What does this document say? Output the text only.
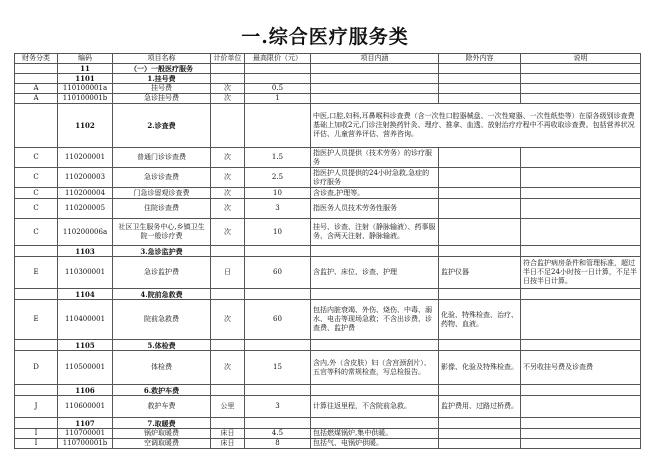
一.综合医疗服务类
财务分类	编码	项目名称	计价单位	最高限价（元）	项目内涵	除外内容	说明
	11	（一）一般医疗服务					
	1101	1.挂号费					
A	110100001a	挂号费	次	0.5			
A	110100001b	急诊挂号费	次	1			
	1102	2.诊查费			中医,口腔,妇科,耳鼻喉科诊查费（含一次性口腔器械盘、一次性窥器、一次性纸垫等）在原各级别诊查费基础上加收2元,门诊注射换药针灸、理疗、推拿、血透、放射治疗疗程中不再收取诊查费。包括营养状况评估、儿童营养评估、营养咨询。		
C	110200001	普通门诊诊查费	次	1.5	指医护人员提供（技术劳务）的诊疗服务		
C	110200003	急诊诊查费	次	2.5	指医护人员提供的24小时急救,急症的诊疗服务		
C	110200004	门急诊留观诊查费	次	10	含诊查,护理等。		
C	110200005	住院诊查费	次	3	指医务人员技术劳务性服务		
C	110200006a	社区卫生服务中心,乡镇卫生院一般诊疗费	次	10	挂号、诊查、注射（静脉输液）、药事服务、含两天注射、静脉输液。		
	1103	3.急诊监护费					
E	110300001	急诊监护费	日	60	含监护、床位、诊查、护理	监护仪器	符合监护病房条件和管理标准，超过半日不足24小时按一日计算，不足半日按半日计算。
	1104	4.院前急救费					
E	110400001	院前急救费	次	60	包括内脏衰竭、外伤、烧伤、中毒、溺水、电击等现场急救；不含出诊费、诊查费、监护费	化验、特殊检查、治疗、药物、血液。	
	1105	5.体检费					
D	110500001	体检费	次	15	含内,外（含皮肤）妇（含宫颈刮片）、五官等科的常规检查，写总检报告。	影像、化验及特殊检查。	不另收挂号费及诊查费
	1106	6.救护车费					
J	110600001	救护车费	公里	3	计算往返里程，不含院前急救。	监护费用、过路过桥费。	
	1107	7.取暖费					
I	110700001	锅炉取暖费	床日	4.5	包括燃煤锅炉,集中供暖。		
I	110700001b	空调取暖费	床日	8	包括气、电锅炉供暖。		
